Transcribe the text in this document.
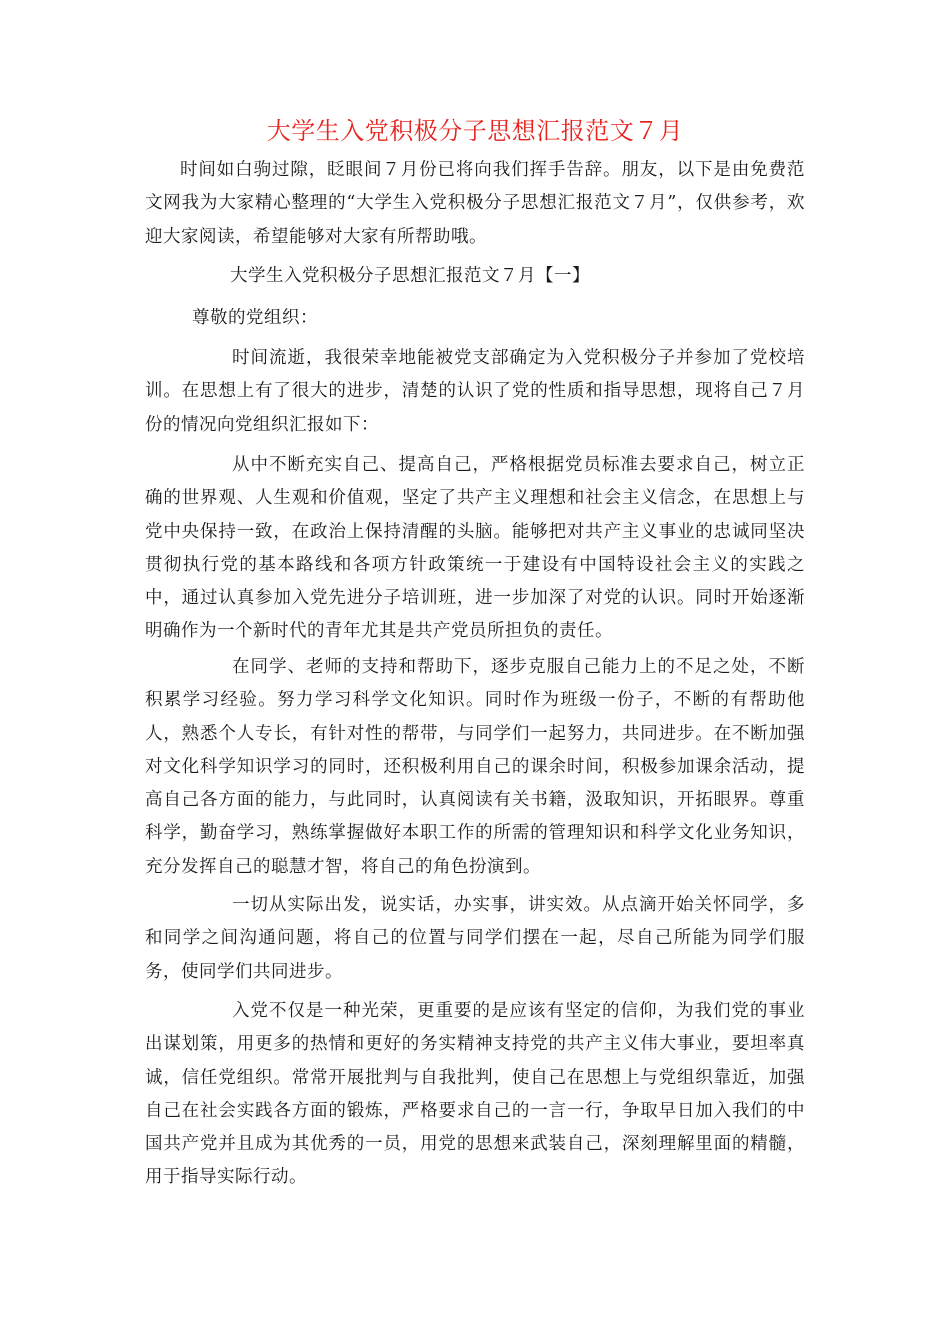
大学生入党积极分子思想汇报范文７月

时间如白驹过隙，眨眼间７月份已将向我们挥手告辞。朋友，以下是由免费范文网我为大家精心整理的“大学生入党积极分子思想汇报范文７月”，仅供参考，欢迎大家阅读，希望能够对大家有所帮助哦。

大学生入党积极分子思想汇报范文７月【一】

尊敬的党组织：

时间流逝，我很荣幸地能被党支部确定为入党积极分子并参加了党校培训。在思想上有了很大的进步，清楚的认识了党的性质和指导思想，现将自己７月份的情况向党组织汇报如下：

从中不断充实自己、提高自己，严格根据党员标准去要求自己，树立正确的世界观、人生观和价值观，坚定了共产主义理想和社会主义信念，在思想上与党中央保持一致，在政治上保持清醒的头脑。能够把对共产主义事业的忠诚同坚决贯彻执行党的基本路线和各项方针政策统一于建设有中国特设社会主义的实践之中，通过认真参加入党先进分子培训班，进一步加深了对党的认识。同时开始逐渐明确作为一个新时代的青年尤其是共产党员所担负的责任。

在同学、老师的支持和帮助下，逐步克服自己能力上的不足之处，不断积累学习经验。努力学习科学文化知识。同时作为班级一份子，不断的有帮助他人，熟悉个人专长，有针对性的帮带，与同学们一起努力，共同进步。在不断加强对文化科学知识学习的同时，还积极利用自己的课余时间，积极参加课余活动，提高自己各方面的能力，与此同时，认真阅读有关书籍，汲取知识，开拓眼界。尊重科学，勤奋学习，熟练掌握做好本职工作的所需的管理知识和科学文化业务知识，充分发挥自己的聪慧才智，将自己的角色扮演到。

一切从实际出发，说实话，办实事，讲实效。从点滴开始关怀同学，多和同学之间沟通问题，将自己的位置与同学们摆在一起，尽自己所能为同学们服务，使同学们共同进步。

入党不仅是一种光荣，更重要的是应该有坚定的信仰，为我们党的事业出谋划策，用更多的热情和更好的务实精神支持党的共产主义伟大事业，要坦率真诚，信任党组织。常常开展批判与自我批判，使自己在思想上与党组织靠近，加强自己在社会实践各方面的锻炼，严格要求自己的一言一行，争取早日加入我们的中国共产党并且成为其优秀的一员，用党的思想来武装自己，深刻理解里面的精髓，用于指导实际行动。
